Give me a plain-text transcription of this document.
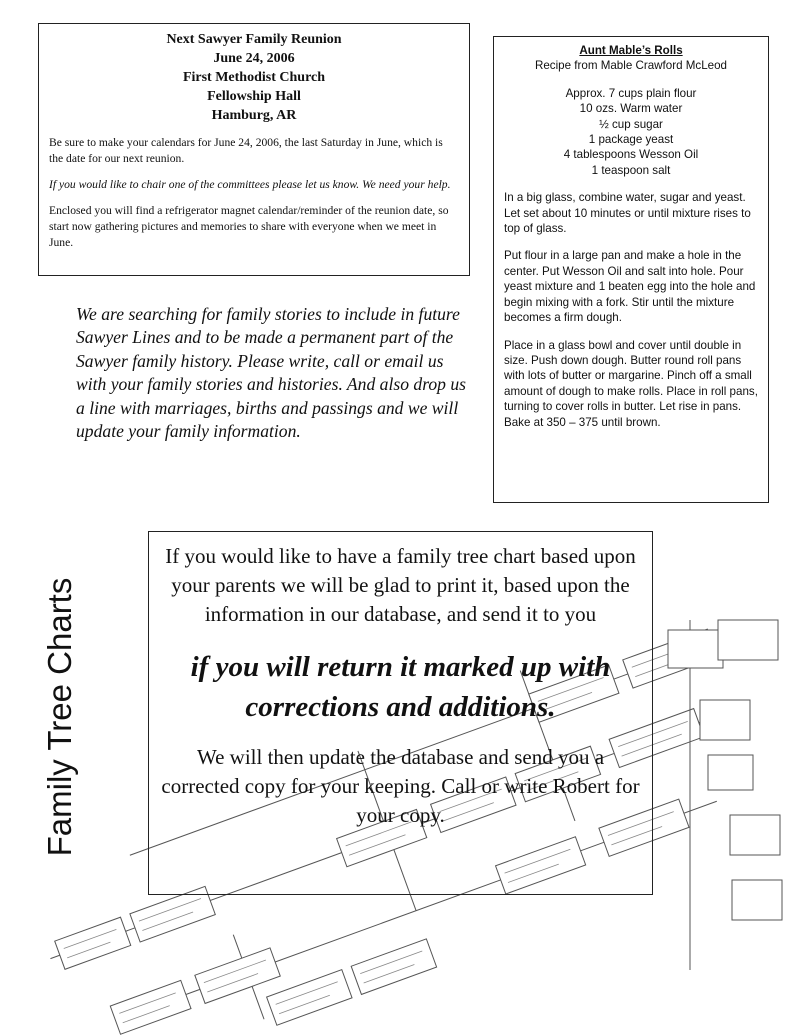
Next Sawyer Family Reunion
June 24, 2006
First Methodist Church
Fellowship Hall
Hamburg, AR

Be sure to make your calendars for June 24, 2006, the last Saturday in June, which is the date for our next reunion.

If you would like to chair one of the committees please let us know. We need your help.

Enclosed you will find a refrigerator magnet calendar/reminder of the reunion date, so start now gathering pictures and memories to share with everyone when we meet in June.

Aunt Mable’s Rolls
Recipe from Mable Crawford McLeod
Approx. 7 cups plain flour
10 ozs. Warm water
½ cup sugar
1 package yeast
4 tablespoons Wesson Oil
1 teaspoon salt

In a big glass, combine water, sugar and yeast. Let set about 10 minutes or until mixture rises to top of glass.

Put flour in a large pan and make a hole in the center. Put Wesson Oil and salt into hole. Pour yeast mixture and 1 beaten egg into the hole and begin mixing with a fork. Stir until the mixture becomes a firm dough.

Place in a glass bowl and cover until double in size. Push down dough. Butter round roll pans with lots of butter or margarine. Pinch off a small amount of dough to make rolls. Place in roll pans, turning to cover rolls in butter. Let rise in pans. Bake at 350 – 375 until brown.

We are searching for family stories to include in future Sawyer Lines and to be made a permanent part of the Sawyer family history. Please write, call or email us with your family stories and histories. And also drop us a line with marriages, births and passings and we will update your family information.

Family Tree Charts

If you would like to have a family tree chart based upon your parents we will be glad to print it, based upon the information in our database, and send it to you

if you will return it marked up with corrections and additions.

We will then update the database and send you a corrected copy for your keeping. Call or write Robert for your copy.
